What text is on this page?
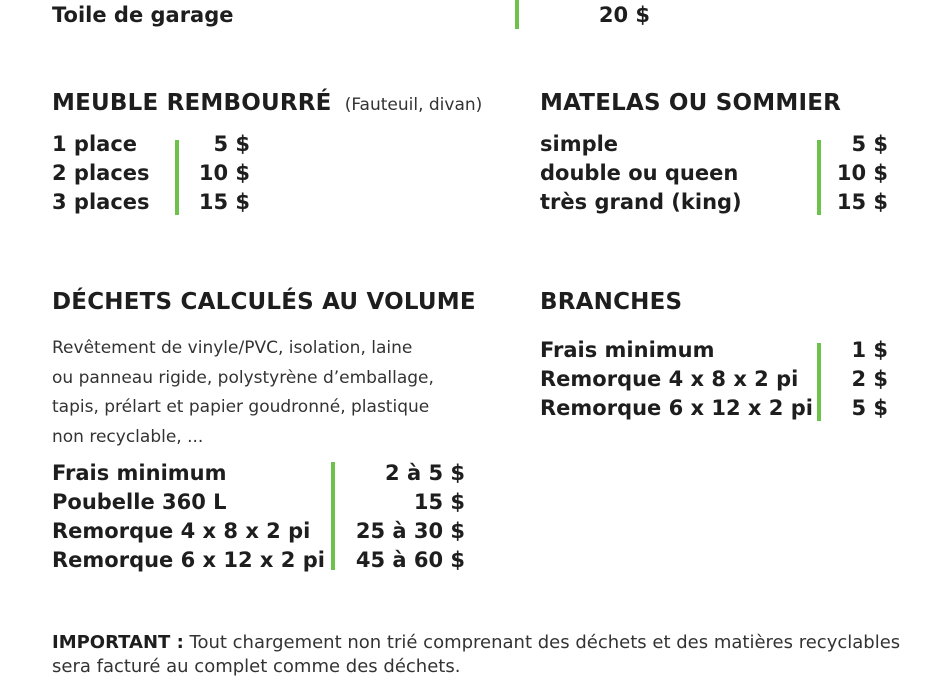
Toile de garage	20 $
MEUBLE REMBOURRÉ (Fauteuil, divan)
1 place
2 places
3 places
5 $
10 $
15 $
MATELAS OU SOMMIER
simple
double ou queen
très grand (king)
5 $
10 $
15 $
DÉCHETS CALCULÉS AU VOLUME
Revêtement de vinyle/PVC, isolation, laine
ou panneau rigide, polystyrène d’emballage,
tapis, prélart et papier goudronné, plastique
non recyclable, ...
Frais minimum
Poubelle 360 L
Remorque 4 x 8 x 2 pi
Remorque 6 x 12 x 2 pi
2 à 5 $
15 $
25 à 30 $
45 à 60 $
BRANCHES
Frais minimum
Remorque 4 x 8 x 2 pi
Remorque 6 x 12 x 2 pi
1 $
2 $
5 $
IMPORTANT : Tout chargement non trié comprenant des déchets et des matières recyclables
sera facturé au complet comme des déchets.
